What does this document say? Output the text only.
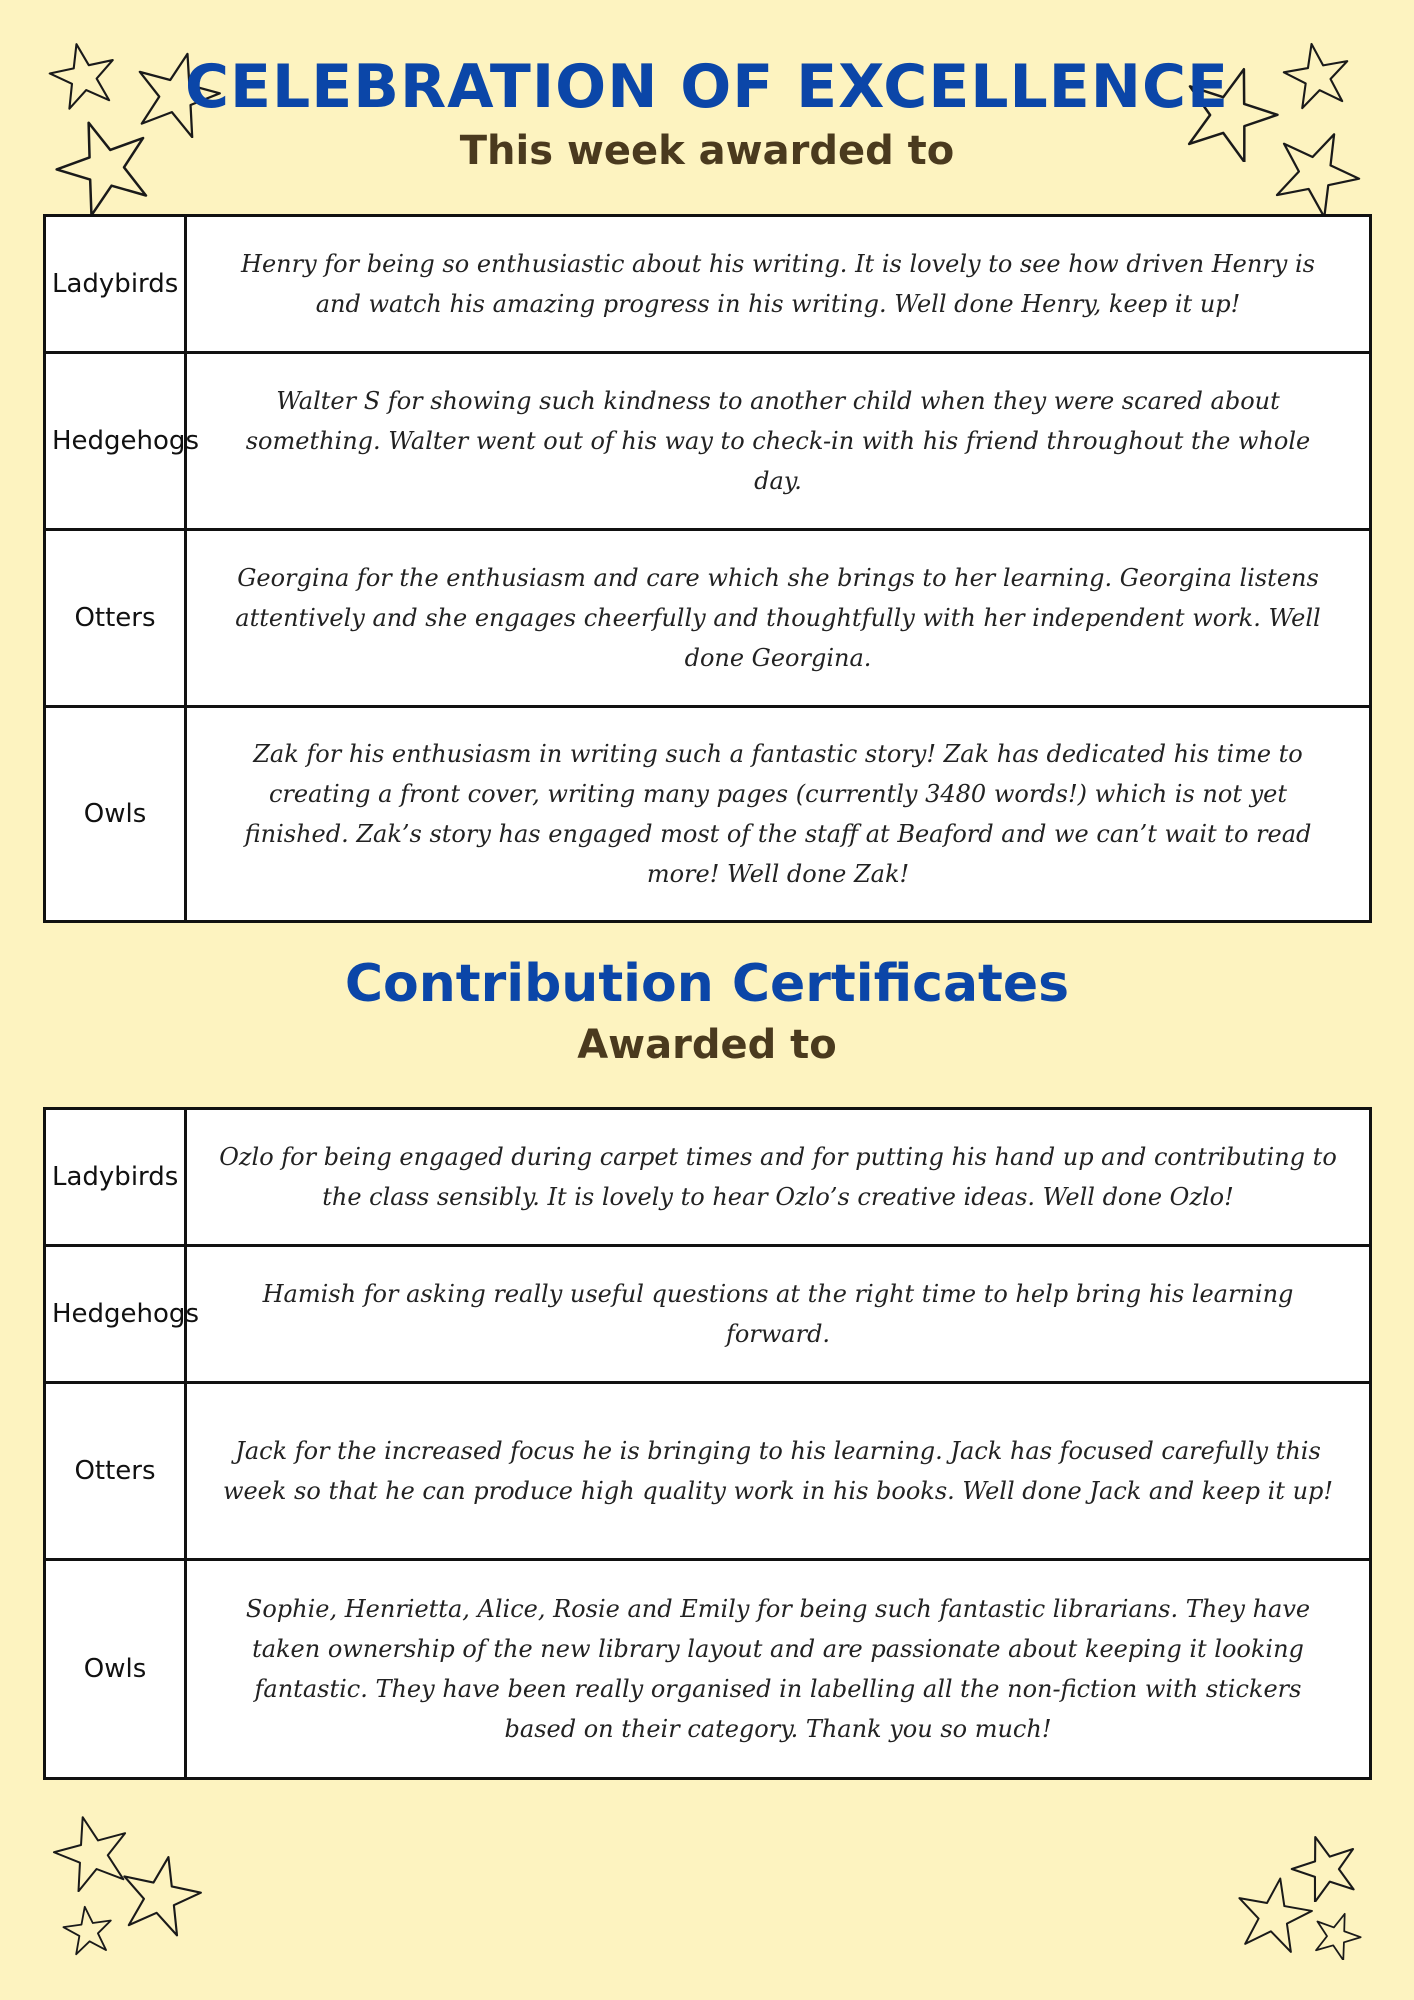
CELEBRATION OF EXCELLENCE
This week awarded to
Ladybirds	Henry for being so enthusiastic about his writing. It is lovely to see how driven Henry is and watch his amazing progress in his writing. Well done Henry, keep it up!
Hedgehogs	Walter S for showing such kindness to another child when they were scared about something. Walter went out of his way to check-in with his friend throughout the whole day.
Otters	Georgina for the enthusiasm and care which she brings to her learning. Georgina listens attentively and she engages cheerfully and thoughtfully with her independent work. Well done Georgina.
Owls	Zak for his enthusiasm in writing such a fantastic story! Zak has dedicated his time to creating a front cover, writing many pages (currently 3480 words!) which is not yet finished. Zak’s story has engaged most of the staff at Beaford and we can’t wait to read more! Well done Zak!
Contribution Certificates
Awarded to
Ladybirds	Ozlo for being engaged during carpet times and for putting his hand up and contributing to the class sensibly. It is lovely to hear Ozlo’s creative ideas. Well done Ozlo!
Hedgehogs	Hamish for asking really useful questions at the right time to help bring his learning forward.
Otters	Jack for the increased focus he is bringing to his learning. Jack has focused carefully this week so that he can produce high quality work in his books. Well done Jack and keep it up!
Owls	Sophie, Henrietta, Alice, Rosie and Emily for being such fantastic librarians. They have taken ownership of the new library layout and are passionate about keeping it looking fantastic. They have been really organised in labelling all the non-fiction with stickers based on their category. Thank you so much!
